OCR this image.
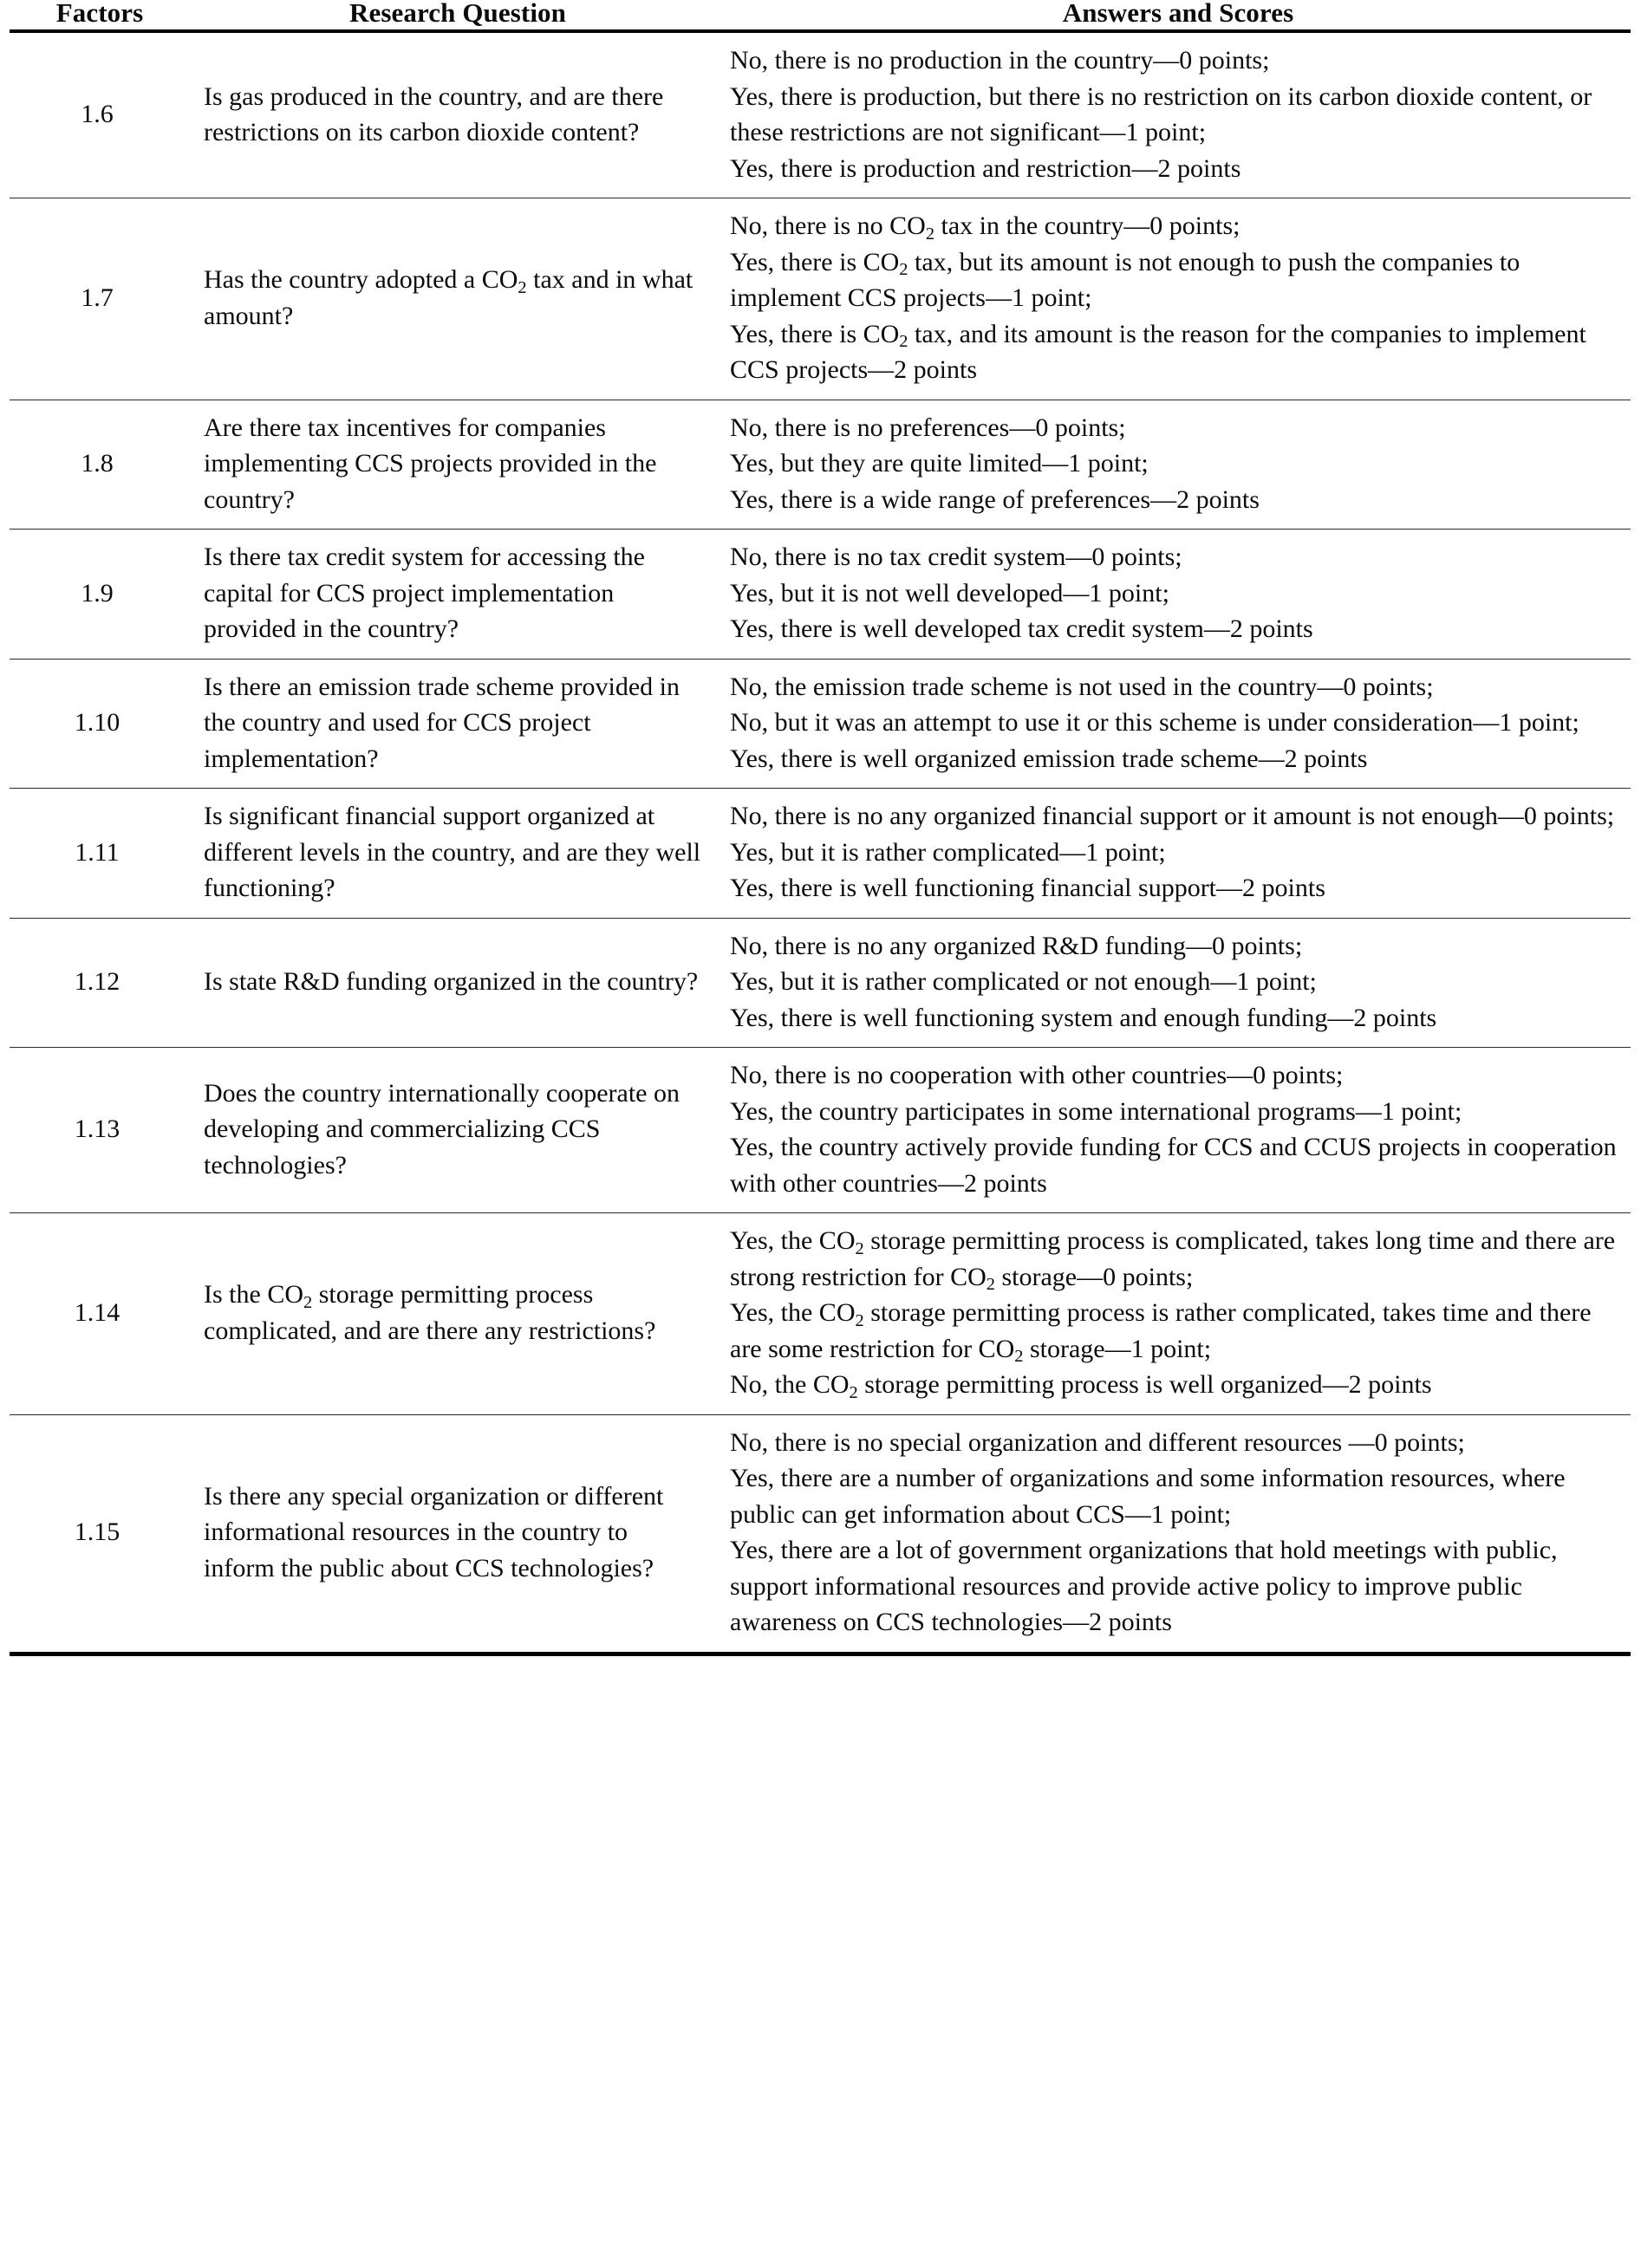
Factors	Research Question	Answers and Scores
1.6	Is gas produced in the country, and are there restrictions on its carbon dioxide content?	No, there is no production in the country—0 points;
Yes, there is production, but there is no restriction on its carbon dioxide content, or these restrictions are not significant—1 point;
Yes, there is production and restriction—2 points

1.7	Has the country adopted a $CO_2$ tax and in what amount?	No, there is no $CO_2$ tax in the country—0 points;
Yes, there is $CO_2$ tax, but its amount is not enough to push the companies to implement CCS projects—1 point;
Yes, there is $CO_2$ tax, and its amount is the reason for the companies to implement CCS projects—2 points

1.8	Are there tax incentives for companies implementing CCS projects provided in the country?	No, there is no preferences—0 points;
Yes, but they are quite limited—1 point;
Yes, there is a wide range of preferences—2 points

1.9	Is there tax credit system for accessing the capital for CCS project implementation provided in the country?	No, there is no tax credit system—0 points;
Yes, but it is not well developed—1 point;
Yes, there is well developed tax credit system—2 points

1.10	Is there an emission trade scheme provided in the country and used for CCS project implementation?	No, the emission trade scheme is not used in the country—0 points;
No, but it was an attempt to use it or this scheme is under consideration—1 point;
Yes, there is well organized emission trade scheme—2 points

1.11	Is significant financial support organized at different levels in the country, and are they well functioning?	No, there is no any organized financial support or it amount is not enough—0 points;
Yes, but it is rather complicated—1 point;
Yes, there is well functioning financial support—2 points

1.12	Is state R&D funding organized in the country?	No, there is no any organized R&D funding—0 points;
Yes, but it is rather complicated or not enough—1 point;
Yes, there is well functioning system and enough funding—2 points

1.13	Does the country internationally cooperate on developing and commercializing CCS technologies?	No, there is no cooperation with other countries—0 points;
Yes, the country participates in some international programs—1 point;
Yes, the country actively provide funding for CCS and CCUS projects in cooperation with other countries—2 points

1.14	Is the $CO_2$ storage permitting process complicated, and are there any restrictions?	Yes, the $CO_2$ storage permitting process is complicated, takes long time and there are strong restriction for $CO_2$ storage—0 points;
Yes, the $CO_2$ storage permitting process is rather complicated, takes time and there are some restriction for $CO_2$ storage—1 point;
No, the $CO_2$ storage permitting process is well organized—2 points

1.15	Is there any special organization or different informational resources in the country to inform the public about CCS technologies?	No, there is no special organization and different resources —0 points;
Yes, there are a number of organizations and some information resources, where public can get information about CCS—1 point;
Yes, there are a lot of government organizations that hold meetings with public, support informational resources and provide active policy to improve public awareness on CCS technologies—2 points
